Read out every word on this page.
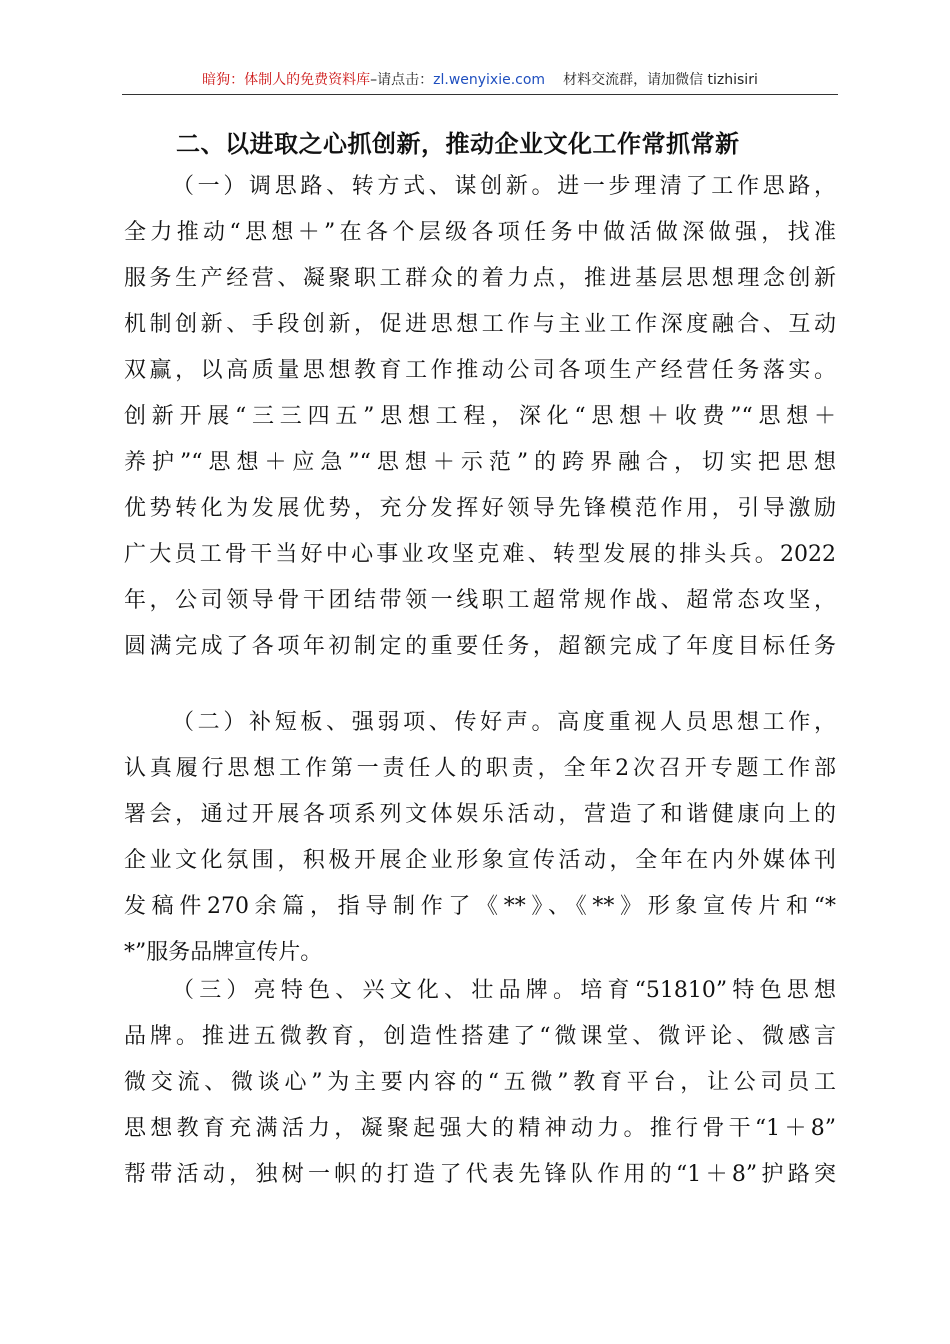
暗狗：体制人的免费资料库–请点击：zl.wenyixie.com 材料交流群，请加微信 tizhisiri
二、以进取之心抓创新，推动企业文化工作常抓常新
（一）调思路、转方式、谋创新。进一步理清了工作思路，
全力推动“思想＋”在各个层级各项任务中做活做深做强，找准
服务生产经营、凝聚职工群众的着力点，推进基层思想理念创新
机制创新、手段创新，促进思想工作与主业工作深度融合、互动
双赢，以高质量思想教育工作推动公司各项生产经营任务落实。
创新开展“三三四五”思想工程，深化“思想＋收费”“思想＋
养护”“思想＋应急”“思想＋示范”的跨界融合，切实把思想
优势转化为发展优势，充分发挥好领导先锋模范作用，引导激励
广大员工骨干当好中心事业攻坚克难、转型发展的排头兵。2022
年，公司领导骨干团结带领一线职工超常规作战、超常态攻坚，
圆满完成了各项年初制定的重要任务，超额完成了年度目标任务
（二）补短板、强弱项、传好声。高度重视人员思想工作，
认真履行思想工作第一责任人的职责，全年2次召开专题工作部
署会，通过开展各项系列文体娱乐活动，营造了和谐健康向上的
企业文化氛围，积极开展企业形象宣传活动，全年在内外媒体刊
发稿件270余篇，指导制作了《**》、《**》形象宣传片和“*
*”服务品牌宣传片。
（三）亮特色、兴文化、壮品牌。培育“51810”特色思想
品牌。推进五微教育，创造性搭建了“微课堂、微评论、微感言
微交流、微谈心”为主要内容的“五微”教育平台，让公司员工
思想教育充满活力，凝聚起强大的精神动力。推行骨干“1＋8”
帮带活动，独树一帜的打造了代表先锋队作用的“1＋8”护路突
